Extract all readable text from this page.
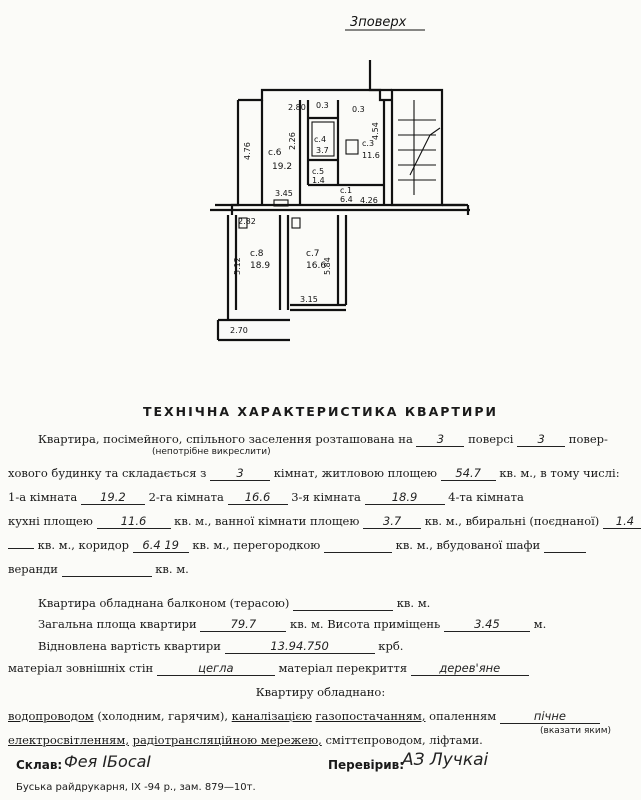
3поверх
2.80 0.3	0.3
2.26
4.76
3.45
4.26
2.82
5.12
3.15
2.70
5.84
4.54
с.6
19.2
с.4
3.7
с.3
11.6
с.5
1.4
с.1
6.4
с.8
18.9
с.7
16.6
ТЕХНІЧНА ХАРАКТЕРИСТИКА КВАРТИРИ
Квартира, посімейного, спільного заселення розташована на 3 поверсі 3 повер-
(непотрібне викреслити)
хового будинку та складається з	3	кімнат, житловою площею 54.7 кв. м., в тому числі:
1-а кімната 19.2 2-га кімната 16.6 3-я кімната	18.9	4-та кімната
кухні площею 11.6 кв. м., ванної кімнати площею 3.7 кв. м., вбиральні (поєднаної) 1.4
кв. м., коридор 6.4 19 кв. м., перегородкою	кв. м., вбудованої шафи
веранди	кв. м.
Квартира обладнана балконом (терасою)	кв. м.
Загальна площа квартири	79.7	кв. м. Висота приміщень	3.45	м.
Відновлена вартість квартири	13.94.750	крб.
матеріал зовнішніх стін	цегла	матеріал перекриття	дерев'яне
Квартиру обладнано:
водопроводом (холодним, гарячим), каналізацією газопостачанням, опаленням	пічне
(вказати яким)
електросвітленням, радіотрансляційною мережею, сміттєпроводом, ліфтами.
Склав: Фея ІБосаІ	Перевірив:
АЗ Лучкаі
Буська райдрукарня, ІХ -94 р., зам. 879—10т.
